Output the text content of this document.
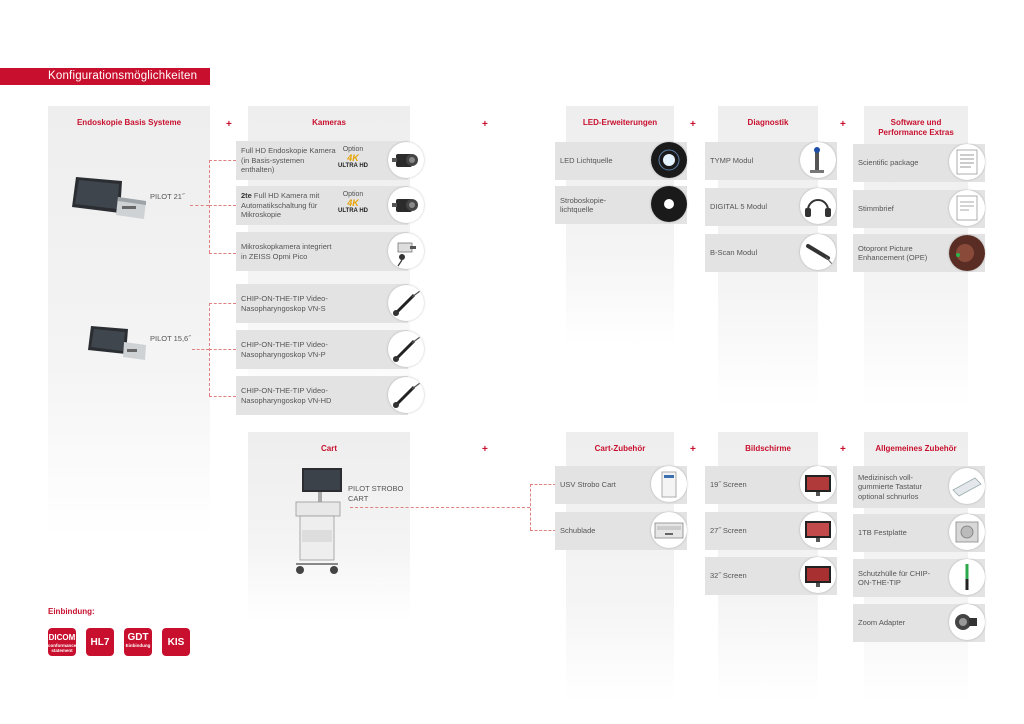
Konfigurationsmöglichkeiten
Endoskopie Basis Systeme	Kameras	LED-Erweiterungen	Diagnostik	Software und Performance Extras
Cart	Cart-Zubehör	Bildschirme	Allgemeines Zubehör
+	+	+	+
+	+	+
PILOT 21˝
PILOT 15,6˝
Full HD Endoskopie Kamera (in Basis-systemen enthalten)
Option
4K
ULTRA HD
2te Full HD Kamera mit Automatikschaltung für Mikroskopie
Option
4K
ULTRA HD
Mikroskopkamera integriert in ZEISS Opmi Pico
CHIP-ON-THE-TIP Video-Nasopharyngoskop VN-S
CHIP-ON-THE-TIP Video-Nasopharyngoskop VN-P
CHIP-ON-THE-TIP Video-Nasopharyngoskop VN-HD
LED Lichtquelle
Stroboskopie-lichtquelle
TYMP Modul
DIGITAL 5 Modul
B-Scan Modul
Scientific package
Stimmbrief
Otopront Picture Enhancement (OPE)
PILOT STROBO CART
USV Strobo Cart
Schublade
19˝ Screen
27˝ Screen
32˝ Screen
Medizinisch voll-gummierte Tastatur optional schnurlos
1TB Festplatte
Schutzhülle für CHIP-ON-THE-TIP
Zoom Adapter
Einbindung:
DICOM
conformance statement
HL7	GDT
Einbindung	KIS
